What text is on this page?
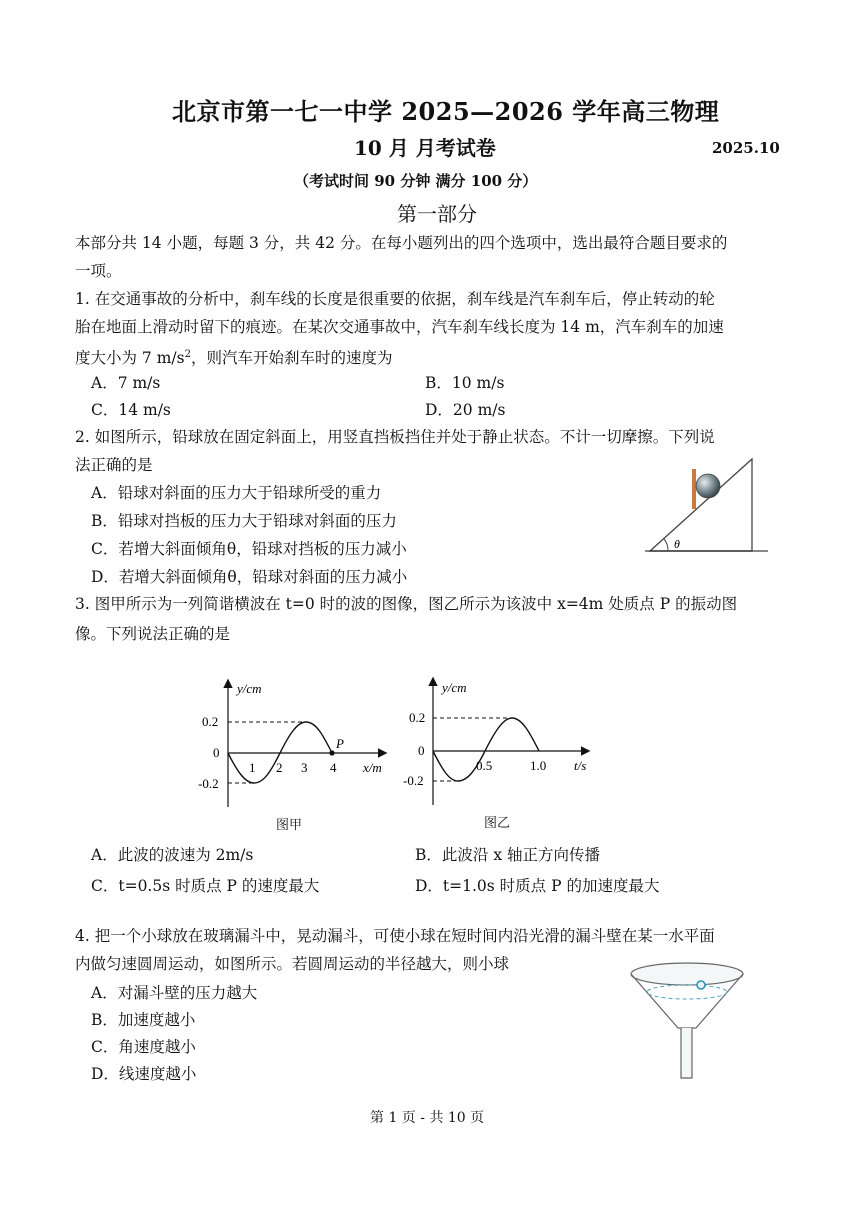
北京市第一七一中学 2025—2026 学年高三物理
10 月 月考试卷	2025.10
（考试时间 90 分钟 满分 100 分）
第一部分
本部分共 14 小题，每题 3 分，共 42 分。在每小题列出的四个选项中，选出最符合题目要求的
一项。
1. 在交通事故的分析中，刹车线的长度是很重要的依据，刹车线是汽车刹车后，停止转动的轮
胎在地面上滑动时留下的痕迹。在某次交通事故中，汽车刹车线长度为 14 m，汽车刹车的加速
度大小为 7 $m/s^2$，则汽车开始刹车时的速度为
A．7 m/s	B．10 m/s
C．14 m/s	D．20 m/s
2. 如图所示，铅球放在固定斜面上，用竖直挡板挡住并处于静止状态。不计一切摩擦。下列说
法正确的是
A．铅球对斜面的压力大于铅球所受的重力
B．铅球对挡板的压力大于铅球对斜面的压力
C．若增大斜面倾角θ，铅球对挡板的压力减小
D．若增大斜面倾角θ，铅球对斜面的压力减小
θ
3. 图甲所示为一列简谐横波在 t=0 时的波的图像，图乙所示为该波中 x=4m 处质点 P 的振动图
像。下列说法正确的是
y/cm
0.2
0
-0.2
1 2 3 4
P
x/m
图甲
y/cm
0.2
0
-0.2
0.5	1.0 t/s
图乙
A．此波的波速为 2m/s	B．此波沿 x 轴正方向传播
C．t=0.5s 时质点 P 的速度最大	D．t=1.0s 时质点 P 的加速度最大
4. 把一个小球放在玻璃漏斗中，晃动漏斗，可使小球在短时间内沿光滑的漏斗壁在某一水平面
内做匀速圆周运动，如图所示。若圆周运动的半径越大，则小球
A．对漏斗壁的压力越大
B．加速度越小
C．角速度越小
D．线速度越小
第 1 页 - 共 10 页
